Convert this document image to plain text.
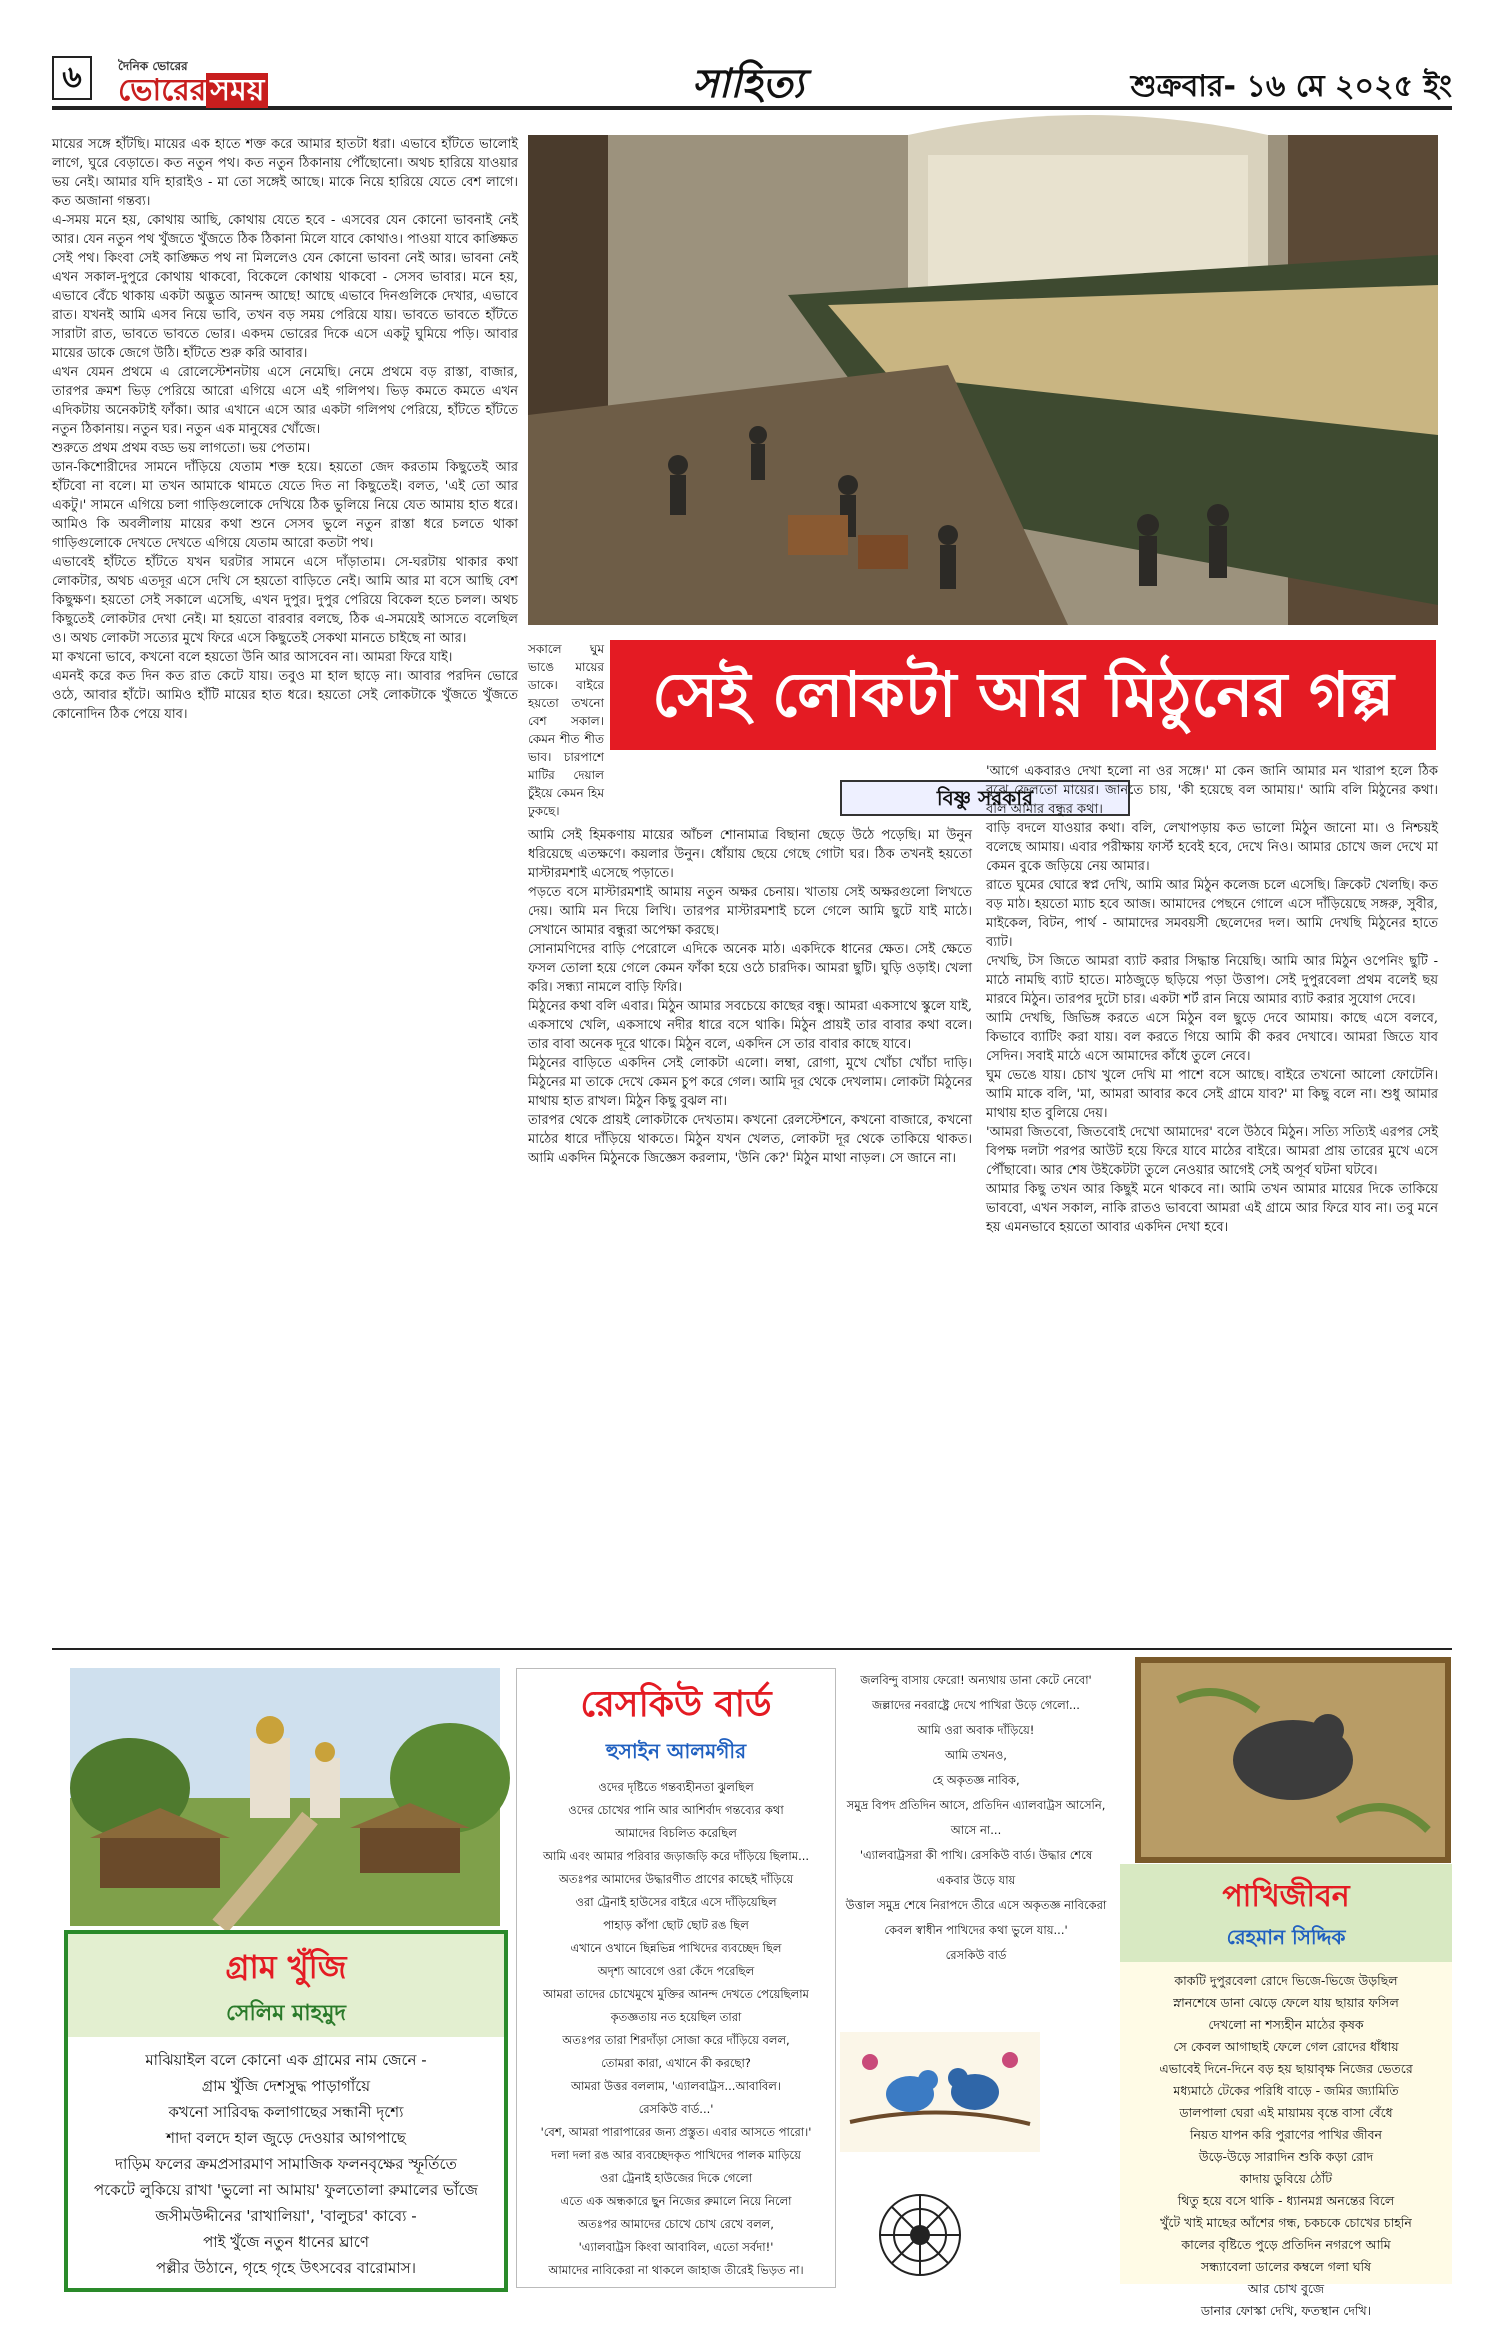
৬	দৈনিক ভোরের
ভোরের সময়	সাহিত্য	শুক্রবার- ১৬ মে ২০২৫ ইং

মায়ের সঙ্গে হাঁটছি। মায়ের এক হাতে শক্ত করে আমার হাতটা ধরা। এভাবে হাঁটতে ভালোই লাগে, ঘুরে বেড়াতে। কত নতুন পথ। কত নতুন ঠিকানায় পৌঁছোনো। অথচ হারিয়ে যাওয়ার ভয় নেই। আমার যদি হারাইও - মা তো সঙ্গেই আছে। মাকে নিয়ে হারিয়ে যেতে বেশ লাগে। কত অজানা গন্তব্য।

এ-সময় মনে হয়, কোথায় আছি, কোথায় যেতে হবে - এসবের যেন কোনো ভাবনাই নেই আর। যেন নতুন পথ খুঁজতে খুঁজতে ঠিক ঠিকানা মিলে যাবে কোথাও। পাওয়া যাবে কাঙ্ক্ষিত সেই পথ। কিংবা সেই কাঙ্ক্ষিত পথ না মিললেও যেন কোনো ভাবনা নেই আর। ভাবনা নেই এখন সকাল-দুপুরে কোথায় থাকবো, বিকেলে কোথায় থাকবো - সেসব ভাবার। মনে হয়, এভাবে বেঁচে থাকায় একটা অদ্ভুত আনন্দ আছে! আছে এভাবে দিনগুলিকে দেখার, এভাবে রাত। যখনই আমি এসব নিয়ে ভাবি, তখন বড় সময় পেরিয়ে যায়। ভাবতে ভাবতে হাঁটতে সারাটা রাত, ভাবতে ভাবতে ভোর। একদম ভোরের দিকে এসে একটু ঘুমিয়ে পড়ি। আবার মায়ের ডাকে জেগে উঠি। হাঁটতে শুরু করি আবার।

এখন যেমন প্রথমে এ রোলেস্টেশনটায় এসে নেমেছি। নেমে প্রথমে বড় রাস্তা, বাজার, তারপর ক্রমশ ভিড় পেরিয়ে আরো এগিয়ে এসে এই গলিপথ। ভিড় কমতে কমতে এখন এদিকটায় অনেকটাই ফাঁকা। আর এখানে এসে আর একটা গলিপথ পেরিয়ে, হাঁটতে হাঁটতে নতুন ঠিকানায়। নতুন ঘর। নতুন এক মানুষের খোঁজে।

শুরুতে প্রথম প্রথম বড্ড ভয় লাগতো। ভয় পেতাম।

ডান-কিশোরীদের সামনে দাঁড়িয়ে যেতাম শক্ত হয়ে। হয়তো জেদ করতাম কিছুতেই আর হাঁটবো না বলে। মা তখন আমাকে থামতে যেতে দিত না কিছুতেই। বলত, 'এই তো আর একটু।' সামনে এগিয়ে চলা গাড়িগুলোকে দেখিয়ে ঠিক ভুলিয়ে নিয়ে যেত আমায় হাত ধরে। আমিও কি অবলীলায় মায়ের কথা শুনে সেসব ভুলে নতুন রাস্তা ধরে চলতে থাকা গাড়িগুলোকে দেখতে দেখতে এগিয়ে যেতাম আরো কতটা পথ।

এভাবেই হাঁটতে হাঁটতে যখন ঘরটার সামনে এসে দাঁড়াতাম। সে-ঘরটায় থাকার কথা লোকটার, অথচ এতদূর এসে দেখি সে হয়তো বাড়িতে নেই। আমি আর মা বসে আছি বেশ কিছুক্ষণ। হয়তো সেই সকালে এসেছি, এখন দুপুর। দুপুর পেরিয়ে বিকেল হতে চলল। অথচ কিছুতেই লোকটার দেখা নেই। মা হয়তো বারবার বলছে, ঠিক এ-সময়েই আসতে বলেছিল ও। অথচ লোকটা সত্যের মুখে ফিরে এসে কিছুতেই সেকথা মানতে চাইছে না আর।

মা কখনো ভাবে, কখনো বলে হয়তো উনি আর আসবেন না। আমরা ফিরে যাই।

এমনই করে কত দিন কত রাত কেটে যায়। তবুও মা হাল ছাড়ে না। আবার পরদিন ভোরে ওঠে, আবার হাঁটে। আমিও হাঁটি মায়ের হাত ধরে। হয়তো সেই লোকটাকে খুঁজতে খুঁজতে কোনোদিন ঠিক পেয়ে যাব।

সকালে ঘুম ভাঙে মায়ের ডাকে। বাইরে হয়তো তখনো বেশ সকাল। কেমন শীত শীত ভাব। চারপাশে মাটির দেয়াল চুঁইয়ে কেমন হিম ঢুকছে।

সেই লোকটা আর মিঠুনের গল্প
বিষ্ণু সরকার

আমি সেই হিমকণায় মায়ের আঁচল শোনামাত্র বিছানা ছেড়ে উঠে পড়েছি। মা উনুন ধরিয়েছে এতক্ষণে। কয়লার উনুন। ধোঁয়ায় ছেয়ে গেছে গোটা ঘর। ঠিক তখনই হয়তো মাস্টারমশাই এসেছে পড়াতে।

পড়তে বসে মাস্টারমশাই আমায় নতুন অক্ষর চেনায়। খাতায় সেই অক্ষরগুলো লিখতে দেয়। আমি মন দিয়ে লিখি। তারপর মাস্টারমশাই চলে গেলে আমি ছুটে যাই মাঠে। সেখানে আমার বন্ধুরা অপেক্ষা করছে।

সোনামণিদের বাড়ি পেরোলে এদিকে অনেক মাঠ। একদিকে ধানের ক্ষেত। সেই ক্ষেতে ফসল তোলা হয়ে গেলে কেমন ফাঁকা হয়ে ওঠে চারদিক। আমরা ছুটি। ঘুড়ি ওড়াই। খেলা করি। সন্ধ্যা নামলে বাড়ি ফিরি।

মিঠুনের কথা বলি এবার। মিঠুন আমার সবচেয়ে কাছের বন্ধু। আমরা একসাথে স্কুলে যাই, একসাথে খেলি, একসাথে নদীর ধারে বসে থাকি। মিঠুন প্রায়ই তার বাবার কথা বলে। তার বাবা অনেক দূরে থাকে। মিঠুন বলে, একদিন সে তার বাবার কাছে যাবে।

মিঠুনের বাড়িতে একদিন সেই লোকটা এলো। লম্বা, রোগা, মুখে খোঁচা খোঁচা দাড়ি। মিঠুনের মা তাকে দেখে কেমন চুপ করে গেল। আমি দূর থেকে দেখলাম। লোকটা মিঠুনের মাথায় হাত রাখল। মিঠুন কিছু বুঝল না।

তারপর থেকে প্রায়ই লোকটাকে দেখতাম। কখনো রেলস্টেশনে, কখনো বাজারে, কখনো মাঠের ধারে দাঁড়িয়ে থাকতে। মিঠুন যখন খেলত, লোকটা দূর থেকে তাকিয়ে থাকত। আমি একদিন মিঠুনকে জিজ্ঞেস করলাম, 'উনি কে?' মিঠুন মাথা নাড়ল। সে জানে না।

'আগে একবারও দেখা হলো না ওর সঙ্গে।' মা কেন জানি আমার মন খারাপ হলে ঠিক বুঝে ফেলতো মায়ের। জানতে চায়, 'কী হয়েছে বল আমায়।' আমি বলি মিঠুনের কথা। বলি আমার বন্ধুর কথা।

বাড়ি বদলে যাওয়ার কথা। বলি, লেখাপড়ায় কত ভালো মিঠুন জানো মা। ও নিশ্চয়ই বলেছে আমায়। এবার পরীক্ষায় ফার্স্ট হবেই হবে, দেখে নিও। আমার চোখে জল দেখে মা কেমন বুকে জড়িয়ে নেয় আমার।

রাতে ঘুমের ঘোরে স্বপ্ন দেখি, আমি আর মিঠুন কলেজ চলে এসেছি। ক্রিকেট খেলছি। কত বড় মাঠ। হয়তো ম্যাচ হবে আজ। আমাদের পেছনে গোলে এসে দাঁড়িয়েছে সঙ্গরু, সুবীর, মাইকেল, বিটন, পার্থ - আমাদের সমবয়সী ছেলেদের দল। আমি দেখছি মিঠুনের হাতে ব্যাট।

দেখছি, টস জিতে আমরা ব্যাট করার সিদ্ধান্ত নিয়েছি। আমি আর মিঠুন ওপেনিং ছুটি - মাঠে নামছি ব্যাট হাতে। মাঠজুড়ে ছড়িয়ে পড়া উত্তাপ। সেই দুপুরবেলা প্রথম বলেই ছয় মারবে মিঠুন। তারপর দুটো চার। একটা শর্ট রান নিয়ে আমার ব্যাট করার সুযোগ দেবে।

আমি দেখছি, জিভিঙ্গ করতে এসে মিঠুন বল ছুড়ে দেবে আমায়। কাছে এসে বলবে, কিভাবে ব্যাটিং করা যায়। বল করতে গিয়ে আমি কী করব দেখাবে। আমরা জিতে যাব সেদিন। সবাই মাঠে এসে আমাদের কাঁধে তুলে নেবে।

ঘুম ভেঙে যায়। চোখ খুলে দেখি মা পাশে বসে আছে। বাইরে তখনো আলো ফোটেনি। আমি মাকে বলি, 'মা, আমরা আবার কবে সেই গ্রামে যাব?' মা কিছু বলে না। শুধু আমার মাথায় হাত বুলিয়ে দেয়।

'আমরা জিতবো, জিতবোই দেখো আমাদের' বলে উঠবে মিঠুন। সত্যি সত্যিই এরপর সেই বিপক্ষ দলটা পরপর আউট হয়ে ফিরে যাবে মাঠের বাইরে। আমরা প্রায় তারের মুখে এসে পৌঁছাবো। আর শেষ উইকেটটা তুলে নেওয়ার আগেই সেই অপূর্ব ঘটনা ঘটবে।

আমার কিছু তখন আর কিছুই মনে থাকবে না। আমি তখন আমার মায়ের দিকে তাকিয়ে ভাববো, এখন সকাল, নাকি রাতও ভাববো আমরা এই গ্রামে আর ফিরে যাব না। তবু মনে হয় এমনভাবে হয়তো আবার একদিন দেখা হবে।

গ্রাম খুঁজি
সেলিম মাহমুদ
মাঝিয়াইল বলে কোনো এক গ্রামের নাম জেনে -
গ্রাম খুঁজি দেশসুদ্ধ পাড়াগাঁয়ে
কখনো সারিবদ্ধ কলাগাছের সন্ধানী দৃশ্যে
শাদা বলদে হাল জুড়ে দেওয়ার আগপাছে
দাড়িম ফলের ক্রমপ্রসারমাণ সামাজিক ফলনবৃক্ষের স্ফূর্তিতে
পকেটে লুকিয়ে রাখা 'ভুলো না আমায়' ফুলতোলা রুমালের ভাঁজে
জসীমউদ্দীনের 'রাখালিয়া', 'বালুচর' কাব্যে -
পাই খুঁজে নতুন ধানের ঘ্রাণে
পল্লীর উঠানে, গৃহে গৃহে উৎসবের বারোমাস।
রেসকিউ বার্ড
হুসাইন আলমগীর
ওদের দৃষ্টিতে গন্তব্যহীনতা ঝুলছিল
ওদের চোখের পানি আর আশির্বাদ গন্তব্যের কথা
আমাদের বিচলিত করেছিল
আমি এবং আমার পরিবার জড়াজড়ি করে দাঁড়িয়ে ছিলাম...
অতঃপর আমাদের উদ্ধারণীত প্রাণের কাছেই দাঁড়িয়ে
ওরা ট্রেনাই হাউসের বাইরে এসে দাঁড়িয়েছিল
পাহাড় কাঁপা ছোট ছোট রঙ ছিল
এখানে ওখানে ছিন্নভিন্ন পাখিদের ব্যবচ্ছেদ ছিল
অদৃশ্য আবেগে ওরা কেঁদে পরেছিল
আমরা তাদের চোখেমুখে মুক্তির আনন্দ দেখতে পেয়েছিলাম
কৃতজ্ঞতায় নত হয়েছিল তারা
অতঃপর তারা শিরদাঁড়া সোজা করে দাঁড়িয়ে বলল,
তোমরা কারা, এখানে কী করছো?
আমরা উত্তর বললাম, 'এ্যালবাট্রস...আবাবিল।
রেসকিউ বার্ড...'
'বেশ, আমরা পারাপারের জন্য প্রস্তুত। এবার আসতে পারো।'
দলা দলা রঙ আর ব্যবচ্ছেদকৃত পাখিদের পালক মাড়িয়ে
ওরা ট্রেনাই হাউজের দিকে গেলো
এতে এক অন্ধকারে ছুন নিজের রুমালে নিয়ে নিলো
অতঃপর আমাদের চোখে চোখ রেখে বলল,
'এ্যালবাট্রস কিংবা আবাবিল, এতো সর্বদা!'
আমাদের নাবিকেরা না থাকলে জাহাজ তীরেই ভিড়ত না।
জলবিন্দু বাসায় ফেরো! অন্যথায় ডানা কেটে নেবো'
জল্লাদের নবরাষ্ট্রে দেখে পাখিরা উড়ে গেলো...
আমি ওরা অবাক দাঁড়িয়ে!
আমি তখনও,
হে অকৃতজ্ঞ নাবিক,
সমুদ্র বিপদ প্রতিদিন আসে, প্রতিদিন এ্যালবাট্রস আসেনি,
আসে না...
'এ্যালবাট্রসরা কী পাখি। রেসকিউ বার্ড। উদ্ধার শেষে
একবার উড়ে যায়
উত্তাল সমুদ্র শেষে নিরাপদে তীরে এসে অকৃতজ্ঞ নাবিকেরা
কেবল স্বাধীন পাখিদের কথা ভুলে যায়...'
রেসকিউ বার্ড
পাখিজীবন
রেহমান সিদ্দিক
কাকটি দুপুরবেলা রোদে ভিজে-ভিজে উড়ছিল
স্নানশেষে ডানা ঝেড়ে ফেলে যায় ছায়ার ফসিল
দেখলো না শস্যহীন মাঠের কৃষক
সে কেবল আগাছাই ফেলে গেল রোদের ধাঁধায়
এভাবেই দিনে-দিনে বড় হয় ছায়াবৃক্ষ নিজের ভেতরে
মধ্যমাঠে টেকের পরিধি বাড়ে - জমির জ্যামিতি
ডালপালা ঘেরা এই মায়াময় বৃন্তে বাসা বেঁধে
নিয়ত যাপন করি পুরাণের পাখির জীবন
উড়ে-উড়ে সারাদিন শুকি কড়া রোদ
কাদায় ডুবিয়ে ঠোঁট
থিতু হয়ে বসে থাকি - ধ্যানমগ্ন অনন্তের বিলে
খুঁটে খাই মাছের আঁশের গন্ধ, চকচকে চোখের চাহনি
কালের বৃষ্টিতে পুড়ে প্রতিদিন নগরপে আমি
সন্ধ্যাবেলা ডালের কম্বলে গলা ঘষি
আর চোখ বুজে
ডানার ফোস্কা দেখি, ফতস্থান দেখি।
